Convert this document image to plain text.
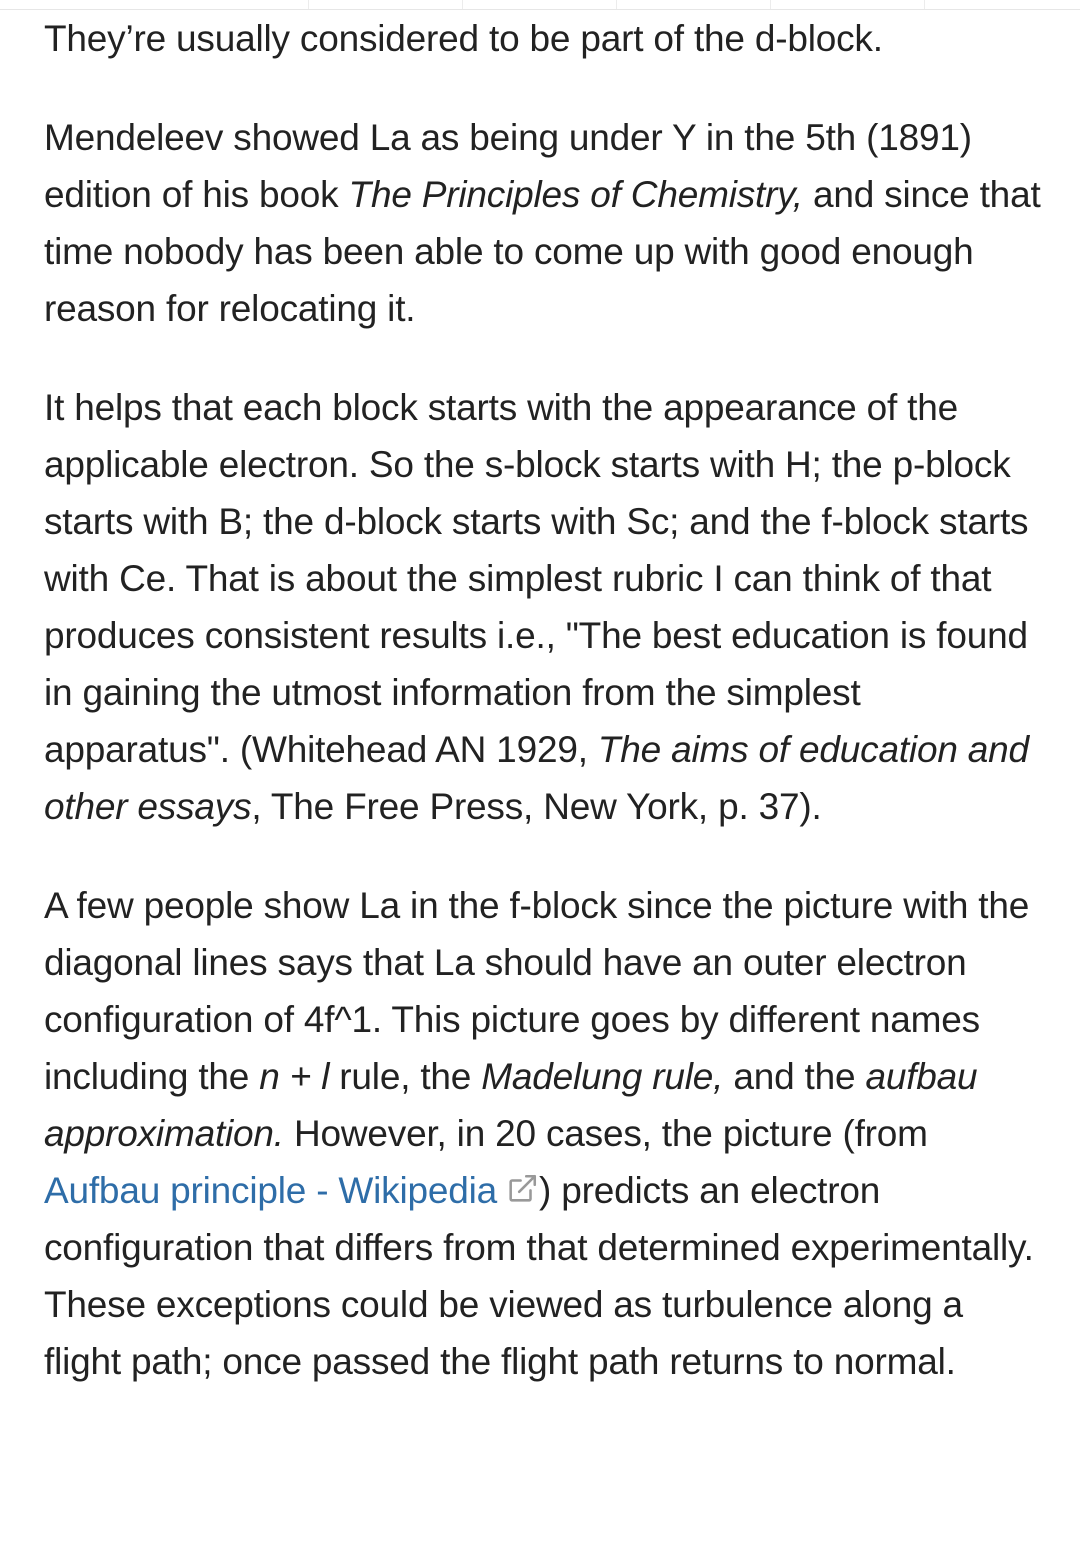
They’re usually considered to be part of the d-block.

Mendeleev showed La as being under Y in the 5th (1891) edition of his book The Principles of Chemistry, and since that time nobody has been able to come up with good enough reason for relocating it.

It helps that each block starts with the appearance of the applicable electron. So the s-block starts with H; the p-block starts with B; the d-block starts with Sc; and the f-block starts with Ce. That is about the simplest rubric I can think of that produces consistent results i.e., "The best education is found in gaining the utmost information from the simplest apparatus". (Whitehead AN 1929, The aims of education and other essays, The Free Press, New York, p. 37).

A few people show La in the f-block since the picture with the diagonal lines says that La should have an outer electron configuration of 4f^1. This picture goes by different names including the n + l rule, the Madelung rule, and the aufbau approximation. However, in 20 cases, the picture (from Aufbau principle - Wikipedia ) predicts an electron configuration that differs from that determined experimentally. These exceptions could be viewed as turbulence along a flight path; once passed the flight path returns to normal.
